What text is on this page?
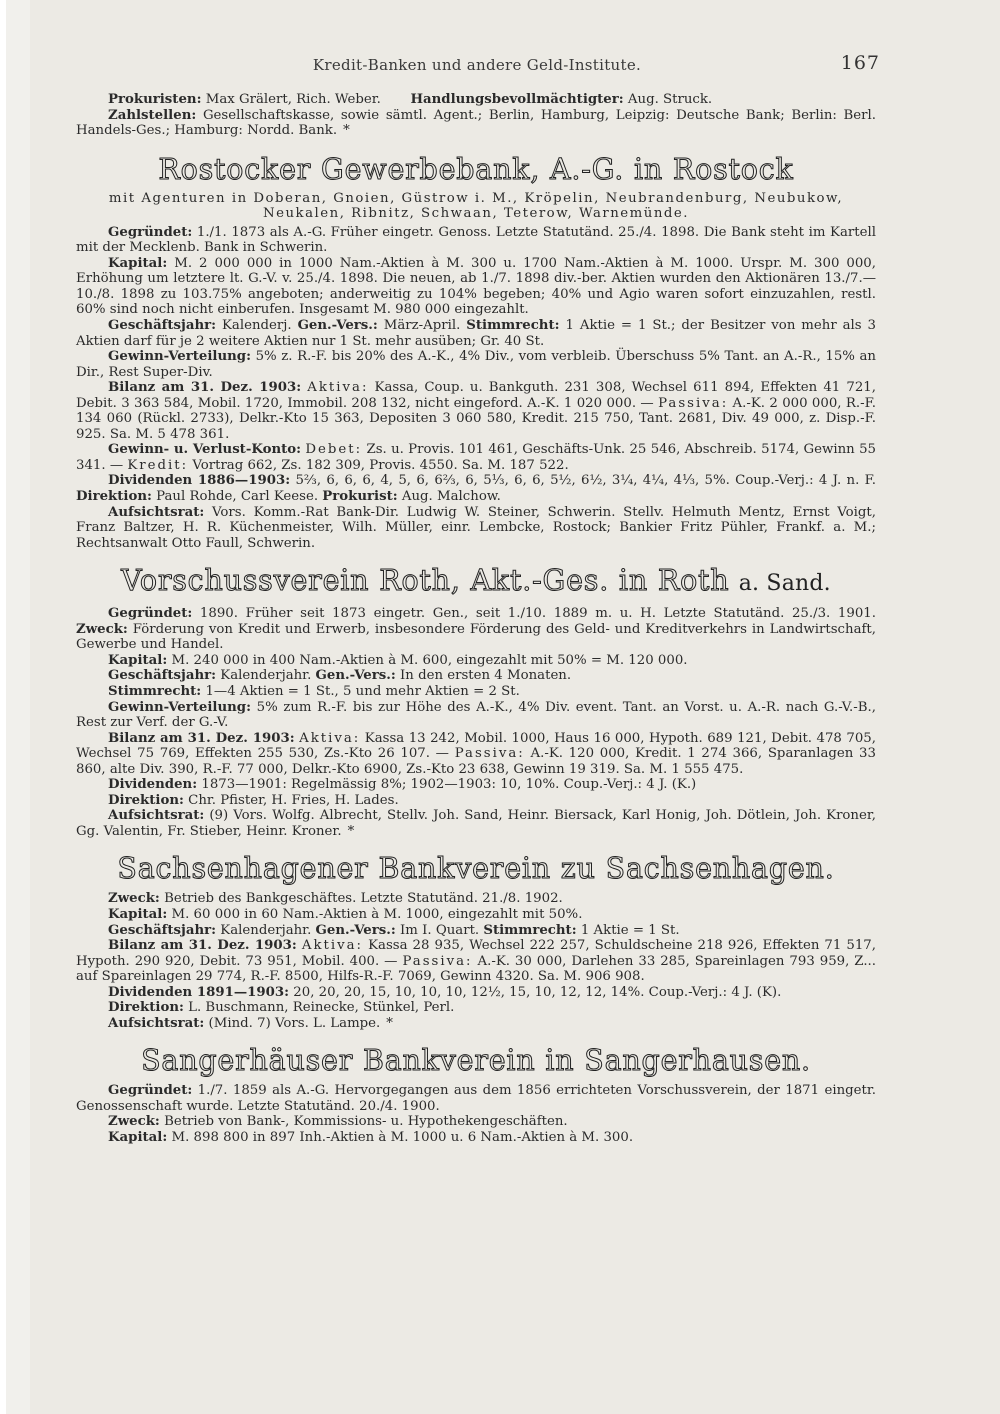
Kredit-Banken und andere Geld-Institute.	167

Prokuristen: Max Grälert, Rich. Weber. Handlungsbevollmächtigter: Aug. Struck.

Zahlstellen: Gesellschaftskasse, sowie sämtl. Agent.; Berlin, Hamburg, Leipzig: Deutsche Bank; Berlin: Berl. Handels-Ges.; Hamburg: Nordd. Bank. *

Rostocker Gewerbebank, A.-G. in Rostock

mit Agenturen in Doberan, Gnoien, Güstrow i. M., Kröpelin, Neubrandenburg, Neubukow, Neukalen, Ribnitz, Schwaan, Teterow, Warnemünde.

Gegründet: 1./1. 1873 als A.-G. Früher eingetr. Genoss. Letzte Statutänd. 25./4. 1898. Die Bank steht im Kartell mit der Mecklenb. Bank in Schwerin.

Kapital: M. 2 000 000 in 1000 Nam.-Aktien à M. 300 u. 1700 Nam.-Aktien à M. 1000. Urspr. M. 300 000, Erhöhung um letztere lt. G.-V. v. 25./4. 1898. Die neuen, ab 1./7. 1898 div.-ber. Aktien wurden den Aktionären 13./7.—10./8. 1898 zu 103.75% angeboten; anderweitig zu 104% begeben; 40% und Agio waren sofort einzuzahlen, restl. 60% sind noch nicht einberufen. Insgesamt M. 980 000 eingezahlt.

Geschäftsjahr: Kalenderj. Gen.-Vers.: März-April. Stimmrecht: 1 Aktie = 1 St.; der Besitzer von mehr als 3 Aktien darf für je 2 weitere Aktien nur 1 St. mehr ausüben; Gr. 40 St.

Gewinn-Verteilung: 5% z. R.-F. bis 20% des A.-K., 4% Div., vom verbleib. Überschuss 5% Tant. an A.-R., 15% an Dir., Rest Super-Div.

Bilanz am 31. Dez. 1903: Aktiva: Kassa, Coup. u. Bankguth. 231 308, Wechsel 611 894, Effekten 41 721, Debit. 3 363 584, Mobil. 1720, Immobil. 208 132, nicht eingeford. A.-K. 1 020 000. — Passiva: A.-K. 2 000 000, R.-F. 134 060 (Rückl. 2733), Delkr.-Kto 15 363, Depositen 3 060 580, Kredit. 215 750, Tant. 2681, Div. 49 000, z. Disp.-F. 925. Sa. M. 5 478 361.

Gewinn- u. Verlust-Konto: Debet: Zs. u. Provis. 101 461, Geschäfts-Unk. 25 546, Abschreib. 5174, Gewinn 55 341. — Kredit: Vortrag 662, Zs. 182 309, Provis. 4550. Sa. M. 187 522.

Dividenden 1886—1903: 5⅔, 6, 6, 6, 4, 5, 6, 6⅔, 6, 5⅓, 6, 6, 5½, 6½, 3¼, 4¼, 4⅓, 5%. Coup.-Verj.: 4 J. n. F. Direktion: Paul Rohde, Carl Keese. Prokurist: Aug. Malchow.

Aufsichtsrat: Vors. Komm.-Rat Bank-Dir. Ludwig W. Steiner, Schwerin. Stellv. Helmuth Mentz, Ernst Voigt, Franz Baltzer, H. R. Küchenmeister, Wilh. Müller, einr. Lembcke, Rostock; Bankier Fritz Pühler, Frankf. a. M.; Rechtsanwalt Otto Faull, Schwerin.

Vorschussverein Roth, Akt.-Ges. in Roth a. Sand.

Gegründet: 1890. Früher seit 1873 eingetr. Gen., seit 1./10. 1889 m. u. H. Letzte Statutänd. 25./3. 1901. Zweck: Förderung von Kredit und Erwerb, insbesondere Förderung des Geld- und Kreditverkehrs in Landwirtschaft, Gewerbe und Handel.

Kapital: M. 240 000 in 400 Nam.-Aktien à M. 600, eingezahlt mit 50% = M. 120 000.

Geschäftsjahr: Kalenderjahr. Gen.-Vers.: In den ersten 4 Monaten.

Stimmrecht: 1—4 Aktien = 1 St., 5 und mehr Aktien = 2 St.

Gewinn-Verteilung: 5% zum R.-F. bis zur Höhe des A.-K., 4% Div. event. Tant. an Vorst. u. A.-R. nach G.-V.-B., Rest zur Verf. der G.-V.

Bilanz am 31. Dez. 1903: Aktiva: Kassa 13 242, Mobil. 1000, Haus 16 000, Hypoth. 689 121, Debit. 478 705, Wechsel 75 769, Effekten 255 530, Zs.-Kto 26 107. — Passiva: A.-K. 120 000, Kredit. 1 274 366, Sparanlagen 33 860, alte Div. 390, R.-F. 77 000, Delkr.-Kto 6900, Zs.-Kto 23 638, Gewinn 19 319. Sa. M. 1 555 475.

Dividenden: 1873—1901: Regelmässig 8%; 1902—1903: 10, 10%. Coup.-Verj.: 4 J. (K.)

Direktion: Chr. Pfister, H. Fries, H. Lades.

Aufsichtsrat: (9) Vors. Wolfg. Albrecht, Stellv. Joh. Sand, Heinr. Biersack, Karl Honig, Joh. Dötlein, Joh. Kroner, Gg. Valentin, Fr. Stieber, Heinr. Kroner. *

Sachsenhagener Bankverein zu Sachsenhagen.

Zweck: Betrieb des Bankgeschäftes. Letzte Statutänd. 21./8. 1902.

Kapital: M. 60 000 in 60 Nam.-Aktien à M. 1000, eingezahlt mit 50%.

Geschäftsjahr: Kalenderjahr. Gen.-Vers.: Im I. Quart. Stimmrecht: 1 Aktie = 1 St.

Bilanz am 31. Dez. 1903: Aktiva: Kassa 28 935, Wechsel 222 257, Schuldscheine 218 926, Effekten 71 517, Hypoth. 290 920, Debit. 73 951, Mobil. 400. — Passiva: A.-K. 30 000, Darlehen 33 285, Spareinlagen 793 959, Z... auf Spareinlagen 29 774, R.-F. 8500, Hilfs-R.-F. 7069, Gewinn 4320. Sa. M. 906 908.

Dividenden 1891—1903: 20, 20, 20, 15, 10, 10, 10, 12½, 15, 10, 12, 12, 14%. Coup.-Verj.: 4 J. (K).

Direktion: L. Buschmann, Reinecke, Stünkel, Perl.

Aufsichtsrat: (Mind. 7) Vors. L. Lampe. *

Sangerhäuser Bankverein in Sangerhausen.

Gegründet: 1./7. 1859 als A.-G. Hervorgegangen aus dem 1856 errichteten Vorschussverein, der 1871 eingetr. Genossenschaft wurde. Letzte Statutänd. 20./4. 1900.

Zweck: Betrieb von Bank-, Kommissions- u. Hypothekengeschäften.

Kapital: M. 898 800 in 897 Inh.-Aktien à M. 1000 u. 6 Nam.-Aktien à M. 300.
